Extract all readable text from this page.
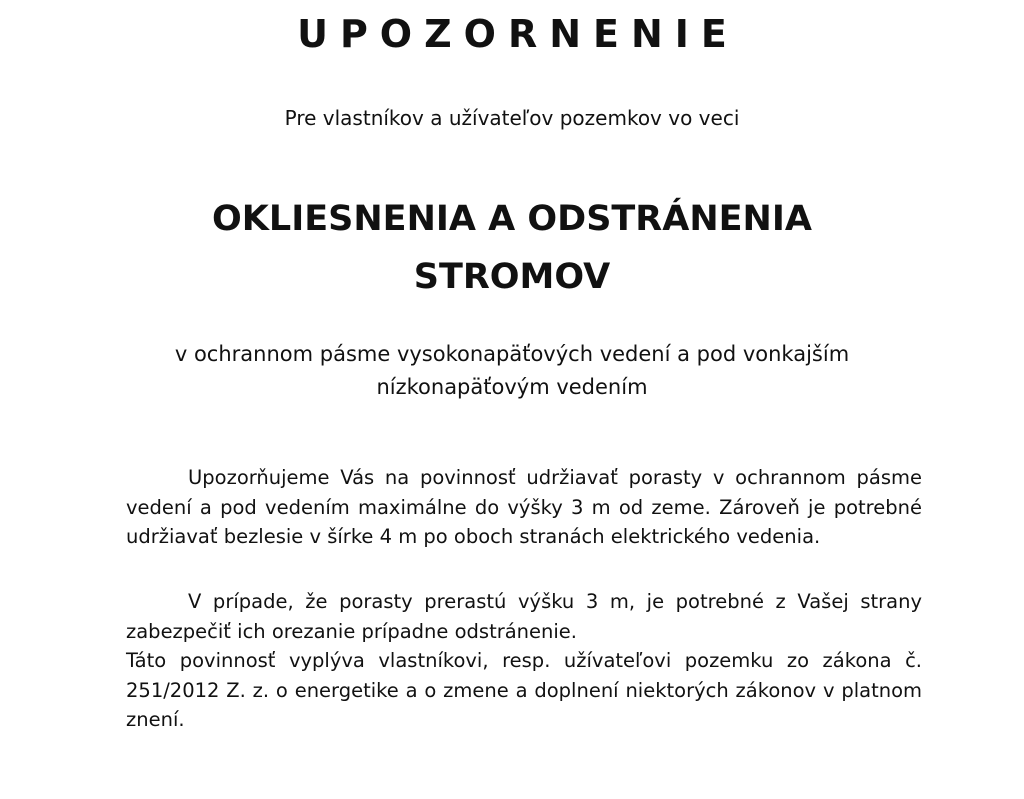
UPOZORNENIE

Pre vlastníkov a užívateľov pozemkov vo veci

OKLIESNENIA A ODSTRÁNENIA
STROMOV

v ochrannom pásme vysokonapäťových vedení a pod vonkajším
nízkonapäťovým vedením

Upozorňujeme Vás na povinnosť udržiavať porasty v ochrannom pásme vedení a pod vedením maximálne do výšky 3 m od zeme. Zároveň je potrebné udržiavať bezlesie v šírke 4 m po oboch stranách elektrického vedenia.

V prípade, že porasty prerastú výšku 3 m, je potrebné z Vašej strany zabezpečiť ich orezanie prípadne odstránenie.

Táto povinnosť vyplýva vlastníkovi, resp. užívateľovi pozemku zo zákona č. 251/2012 Z. z. o energetike a o zmene a doplnení niektorých zákonov v platnom znení.
